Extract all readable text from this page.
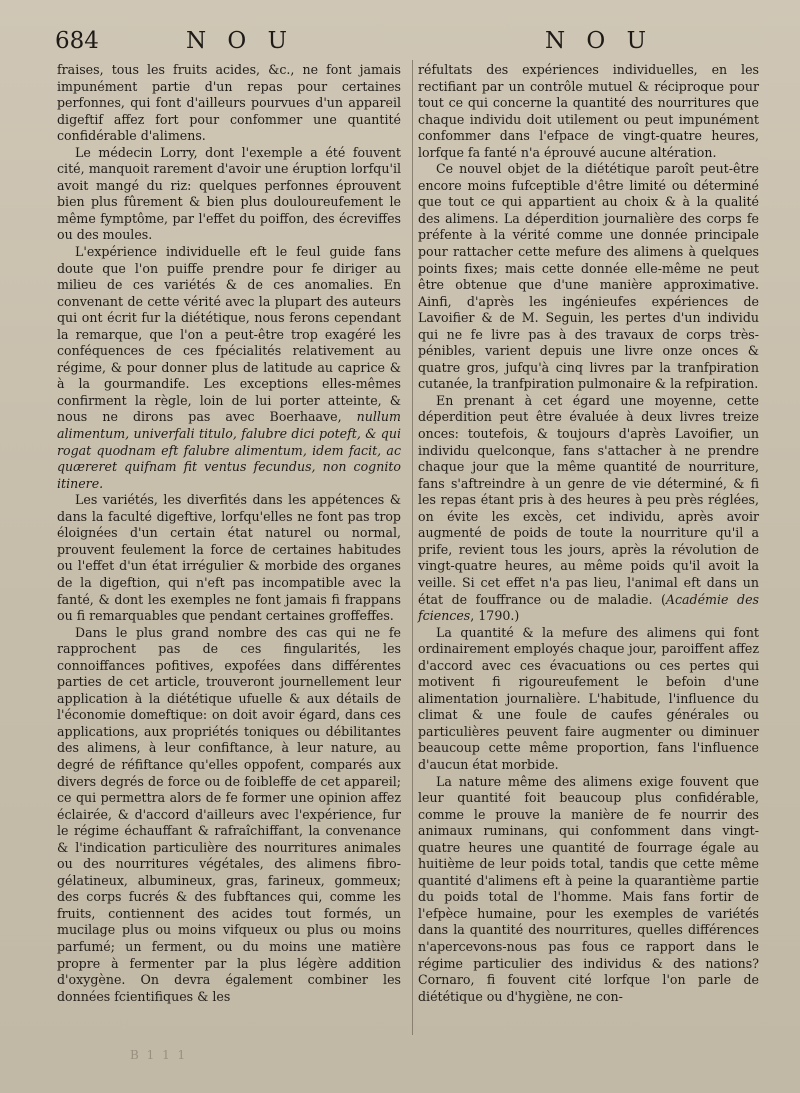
684	N O U	N O U

fraises, tous les fruits acides, &c., ne font jamais impunément partie d'un repas pour certaines perfonnes, qui font d'ailleurs pourvues d'un appareil digeftif affez fort pour confommer une quantité confidérable d'alimens.

Le médecin Lorry, dont l'exemple a été fouvent cité, manquoit rarement d'avoir une éruption lorfqu'il avoit mangé du riz: quelques perfonnes éprouvent bien plus fûrement & bien plus douloureufement le même fymptôme, par l'effet du poiffon, des écreviffes ou des moules.

L'expérience individuelle eft le feul guide fans doute que l'on puiffe prendre pour fe diriger au milieu de ces variétés & de ces anomalies. En convenant de cette vérité avec la plupart des auteurs qui ont écrit fur la diététique, nous ferons cependant la remarque, que l'on a peut-être trop exagéré les conféquences de ces fpécialités relativement au régime, & pour donner plus de latitude au caprice & à la gourmandife. Les exceptions elles-mêmes confirment la règle, loin de lui porter atteinte, & nous ne dirons pas avec Boerhaave, nullum alimentum, univerfali titulo, falubre dici poteft, & qui rogat quodnam eft falubre alimentum, idem facit, ac quæreret quifnam fit ventus fecundus, non cognito itinere.

Les variétés, les diverfités dans les appétences & dans la faculté digeftive, lorfqu'elles ne font pas trop éloignées d'un certain état naturel ou normal, prouvent feulement la force de certaines habitudes ou l'effet d'un état irrégulier & morbide des organes de la digeftion, qui n'eft pas incompatible avec la fanté, & dont les exemples ne font jamais fi frappans ou fi remarquables que pendant certaines groffeffes.

Dans le plus grand nombre des cas qui ne fe rapprochent pas de ces fingularités, les connoiffances pofitives, expofées dans différentes parties de cet article, trouveront journellement leur application à la diététique ufuelle & aux détails de l'économie domeftique: on doit avoir égard, dans ces applications, aux propriétés toniques ou débilitantes des alimens, à leur confiftance, à leur nature, au degré de réfiftance qu'elles oppofent, comparés aux divers degrés de force ou de foibleffe de cet appareil; ce qui permettra alors de fe former une opinion affez éclairée, & d'accord d'ailleurs avec l'expérience, fur le régime échauffant & rafraîchiffant, la convenance & l'indication particulière des nourritures animales ou des nourritures végétales, des alimens fibro-gélatineux, albumineux, gras, farineux, gommeux; des corps fucrés & des fubftances qui, comme les fruits, contiennent des acides tout formés, un mucilage plus ou moins vifqueux ou plus ou moins parfumé; un ferment, ou du moins une matière propre à fermenter par la plus légère addition d'oxygène. On devra également combiner les données fcientifiques & les

réfultats des expériences individuelles, en les rectifiant par un contrôle mutuel & réciproque pour tout ce qui concerne la quantité des nourritures que chaque individu doit utilement ou peut impunément confommer dans l'efpace de vingt-quatre heures, lorfque fa fanté n'a éprouvé aucune altération.

Ce nouvel objet de la diététique paroît peut-être encore moins fufceptible d'être limité ou déterminé que tout ce qui appartient au choix & à la qualité des alimens. La déperdition journalière des corps fe préfente à la vérité comme une donnée principale pour rattacher cette mefure des alimens à quelques points fixes; mais cette donnée elle-même ne peut être obtenue que d'une manière approximative. Ainfi, d'après les ingénieufes expériences de Lavoifier & de M. Seguin, les pertes d'un individu qui ne fe livre pas à des travaux de corps très-pénibles, varient depuis une livre onze onces & quatre gros, jufqu'à cinq livres par la tranfpiration cutanée, la tranfpiration pulmonaire & la refpiration.

En prenant à cet égard une moyenne, cette déperdition peut être évaluée à deux livres treize onces: toutefois, & toujours d'après Lavoifier, un individu quelconque, fans s'attacher à ne prendre chaque jour que la même quantité de nourriture, fans s'aftreindre à un genre de vie déterminé, & fi les repas étant pris à des heures à peu près réglées, on évite les excès, cet individu, après avoir augmenté de poids de toute la nourriture qu'il a prife, revient tous les jours, après la révolution de vingt-quatre heures, au même poids qu'il avoit la veille. Si cet effet n'a pas lieu, l'animal eft dans un état de fouffrance ou de maladie. (Académie des fciences, 1790.)

La quantité & la mefure des alimens qui font ordinairement employés chaque jour, paroiffent affez d'accord avec ces évacuations ou ces pertes qui motivent fi rigoureufement le befoin d'une alimentation journalière. L'habitude, l'influence du climat & une foule de caufes générales ou particulières peuvent faire augmenter ou diminuer beaucoup cette même proportion, fans l'influence d'aucun état morbide.

La nature même des alimens exige fouvent que leur quantité foit beaucoup plus confidérable, comme le prouve la manière de fe nourrir des animaux ruminans, qui confomment dans vingt-quatre heures une quantité de fourrage égale au huitième de leur poids total, tandis que cette même quantité d'alimens eft à peine la quarantième partie du poids total de l'homme. Mais fans fortir de l'efpèce humaine, pour les exemples de variétés dans la quantité des nourritures, quelles différences n'apercevons-nous pas fous ce rapport dans le régime particulier des individus & des nations? Cornaro, fi fouvent cité lorfque l'on parle de diététique ou d'hygiène, ne con-

B 1 1 1
